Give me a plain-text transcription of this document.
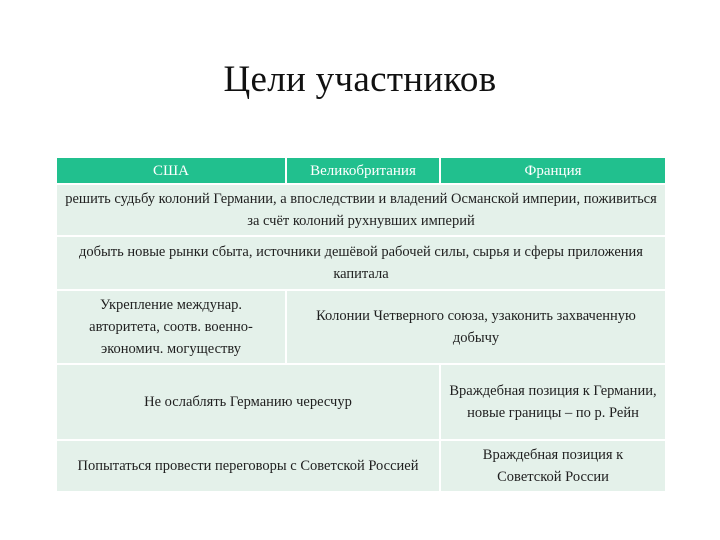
Цели участников
США	Великобритания	Франция
решить судьбу колоний Германии, а впоследствии и владений Османской империи, поживиться за счёт колоний рухнувших империй		
добыть новые рынки сбыта, источники дешёвой рабочей силы, сырья и сферы приложения капитала		
Укрепление междунар. авторитета, соотв. военно-экономич. могуществу	Колонии Четверного союза, узаконить захваченную добычу	
Не ослаблять Германию чересчур		Враждебная позиция к Германии, новые границы – по р. Рейн
Попытаться провести переговоры с Советской Россией		Враждебная позиция к Советской России
